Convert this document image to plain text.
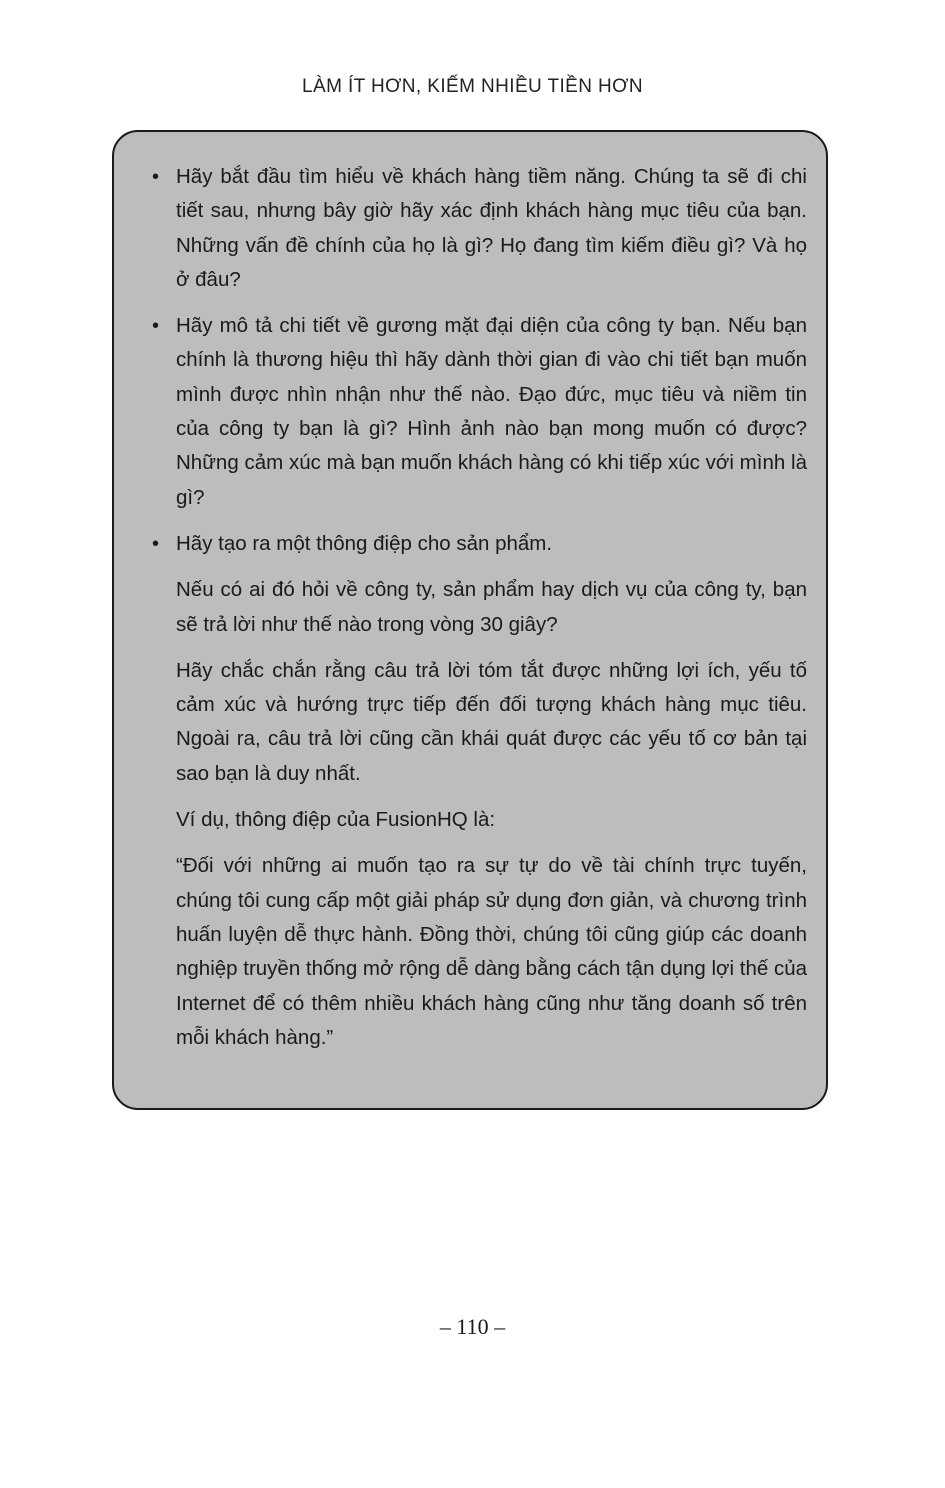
LÀM ÍT HƠN, KIẾM NHIỀU TIỀN HƠN
• Hãy bắt đầu tìm hiểu về khách hàng tiềm năng. Chúng ta sẽ đi chi tiết sau, nhưng bây giờ hãy xác định khách hàng mục tiêu của bạn. Những vấn đề chính của họ là gì? Họ đang tìm kiếm điều gì? Và họ ở đâu?
• Hãy mô tả chi tiết về gương mặt đại diện của công ty bạn. Nếu bạn chính là thương hiệu thì hãy dành thời gian đi vào chi tiết bạn muốn mình được nhìn nhận như thế nào. Đạo đức, mục tiêu và niềm tin của công ty bạn là gì? Hình ảnh nào bạn mong muốn có được? Những cảm xúc mà bạn muốn khách hàng có khi tiếp xúc với mình là gì?
• Hãy tạo ra một thông điệp cho sản phẩm.

Nếu có ai đó hỏi về công ty, sản phẩm hay dịch vụ của công ty, bạn sẽ trả lời như thế nào trong vòng 30 giây?

Hãy chắc chắn rằng câu trả lời tóm tắt được những lợi ích, yếu tố cảm xúc và hướng trực tiếp đến đối tượng khách hàng mục tiêu. Ngoài ra, câu trả lời cũng cần khái quát được các yếu tố cơ bản tại sao bạn là duy nhất.

Ví dụ, thông điệp của FusionHQ là:

“Đối với những ai muốn tạo ra sự tự do về tài chính trực tuyến, chúng tôi cung cấp một giải pháp sử dụng đơn giản, và chương trình huấn luyện dễ thực hành. Đồng thời, chúng tôi cũng giúp các doanh nghiệp truyền thống mở rộng dễ dàng bằng cách tận dụng lợi thế của Internet để có thêm nhiều khách hàng cũng như tăng doanh số trên mỗi khách hàng.”

– 110 –
